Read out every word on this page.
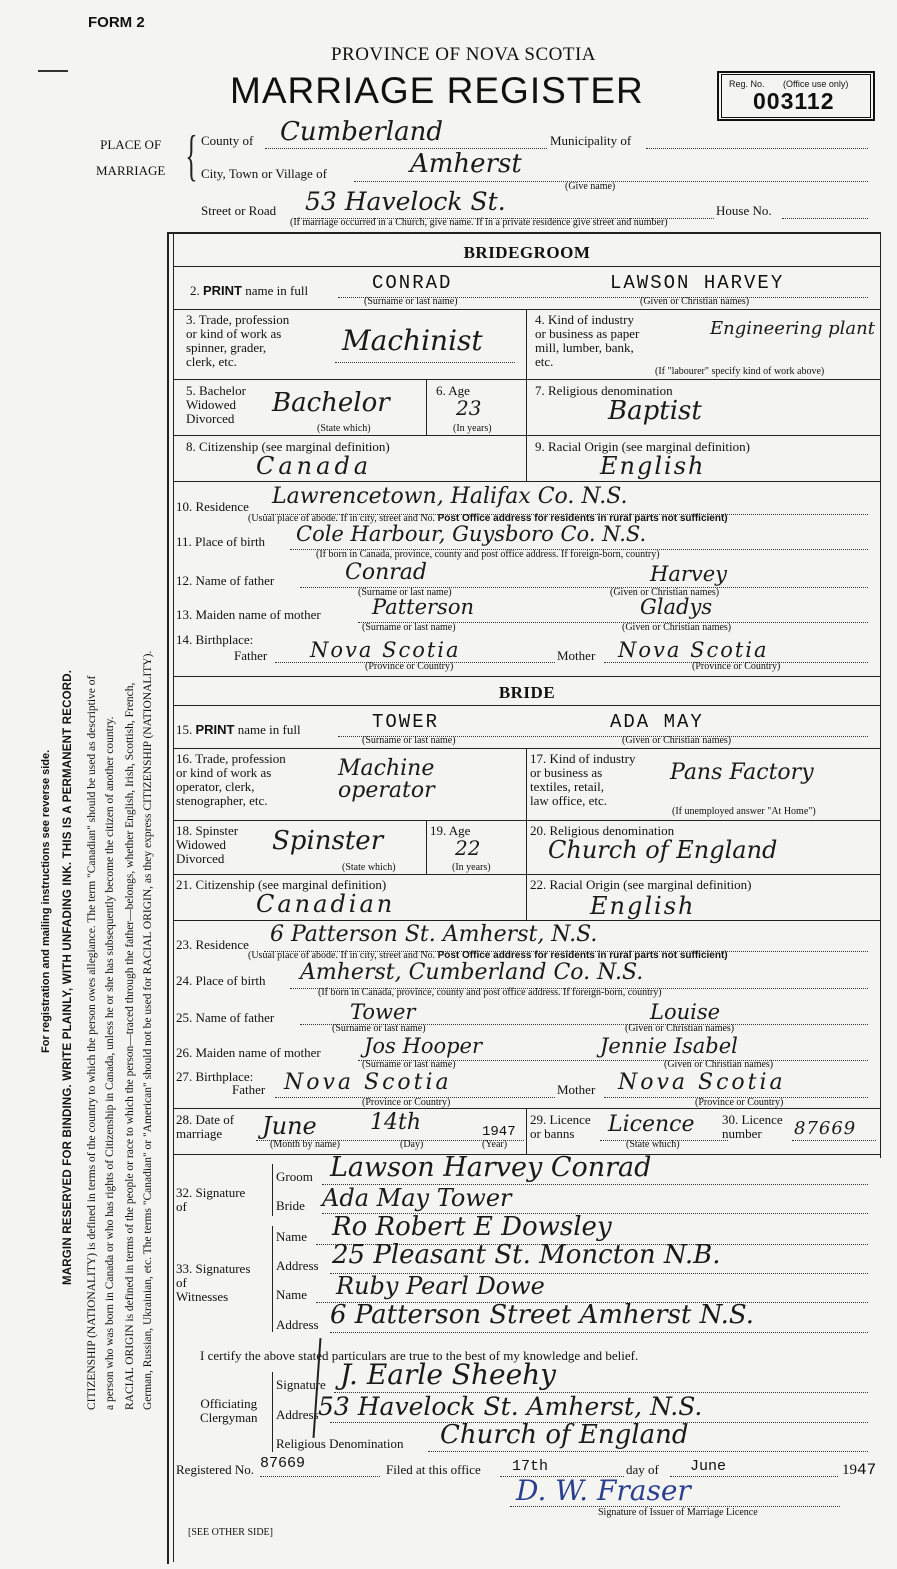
FORM 2
PROVINCE OF NOVA SCOTIA
MARRIAGE REGISTER	Reg. No. (Office use only)
003112
For registration and mailing instructions see reverse side. MARGIN RESERVED FOR BINDING. WRITE PLAINLY, WITH UNFADING INK. THIS IS A PERMANENT RECORD. CITIZENSHIP (NATIONALITY) is defined in terms of the country to which the person owes allegiance. The term "Canadian" should be used as descriptive of a person who was born in Canada or who has rights of Citizenship in Canada, unless he or she has subsequently become the citizen of another country. RACIAL ORIGIN is defined in terms of the people or race to which the person—traced through the father—belongs, whether English, Irish, Scottish, French, German, Russian, Ukrainian, etc. The terms "Canadian" or "American" should not be used for RACIAL ORIGIN, as they express CITIZENSHIP (NATIONALITY).
PLACE OF
MARRIAGE { County of Cumberland	Municipality of
City, Town or Village of	Amherst
(Give name)
Street or Road 53 Havelock St.	House No.
(If marriage occurred in a Church, give name. If in a private residence give street and number)
BRIDEGROOM
2. PRINT name in full	CONRAD	LAWSON HARVEY
(Surname or last name)	(Given or Christian names)
3. Trade, profession
or kind of work as
spinner, grader,
clerk, etc.
Machinist
4. Kind of industry
or business as paper
mill, lumber, bank,
etc.
Engineering plant
(If "labourer" specify kind of work above)
5. Bachelor
Widowed
Divorced
Bachelor
(State which)
6. Age
23
(In years)
7. Religious denomination
Baptist
8. Citizenship (see marginal definition)
Canada
9. Racial Origin (see marginal definition)
English
10. Residence Lawrencetown, Halifax Co. N.S.
(Usual place of abode. If in city, street and No. Post Office address for residents in rural parts not sufficient)
11. Place of birth Cole Harbour, Guysboro Co. N.S.
(If born in Canada, province, county and post office address. If foreign-born, country)
12. Name of father	Conrad	Harvey
(Surname or last name)	(Given or Christian names)
13. Maiden name of mother Patterson	Gladys
(Surname or last name)	(Given or Christian names)
14. Birthplace:
Father Nova Scotia	Mother Nova Scotia
(Province or Country)	(Province or Country)
BRIDE
15. PRINT name in full	TOWER	ADA MAY
(Surname or last name)	(Given or Christian names)
16. Trade, profession
or kind of work as
operator, clerk,
stenographer, etc.
Machine operator
17. Kind of industry
or business as
textiles, retail,
law office, etc.
Pans Factory
(If unemployed answer "At Home")
18. Spinster
Widowed
Divorced
Spinster
(State which)
19. Age
22
(In years)
20. Religious denomination
Church of England
21. Citizenship (see marginal definition)
Canadian
22. Racial Origin (see marginal definition)
English
23. Residence 6 Patterson St. Amherst, N.S.
(Usual place of abode. If in city, street and No. Post Office address for residents in rural parts not sufficient)
24. Place of birth Amherst, Cumberland Co. N.S.
(If born in Canada, province, county and post office address. If foreign-born, country)
25. Name of father	Tower	Louise
(Surname or last name)	(Given or Christian names)
26. Maiden name of mother Jos Hooper	Jennie Isabel
(Surname or last name)	(Given or Christian names)
27. Birthplace:
Father Nova Scotia	Mother Nova Scotia
(Province or Country)	(Province or Country)
28. Date of
marriage	June 14th	1947
(Month by name)	(Day)	(Year)
29. Licence
or banns	Licence
(State which)
30. Licence
number	87669
32. Signature
of
Groom Lawson Harvey Conrad
Bride Ada May Tower
33. Signatures
of
Witnesses
Name Ro Robert E Dowsley
Address 25 Pleasant St. Moncton N.B.
Name Ruby Pearl Dowe
Address 6 Patterson Street Amherst N.S.
I certify the above stated particulars are true to the best of my knowledge and belief.
Officiating
Clergyman
Signature J. Earle Sheehy
Address 53 Havelock St. Amherst, N.S.
Religious Denomination Church of England
Registered No. 87669	Filed at this office 17th	day of June	1947
D. W. Fraser
Signature of Issuer of Marriage Licence
[SEE OTHER SIDE]
